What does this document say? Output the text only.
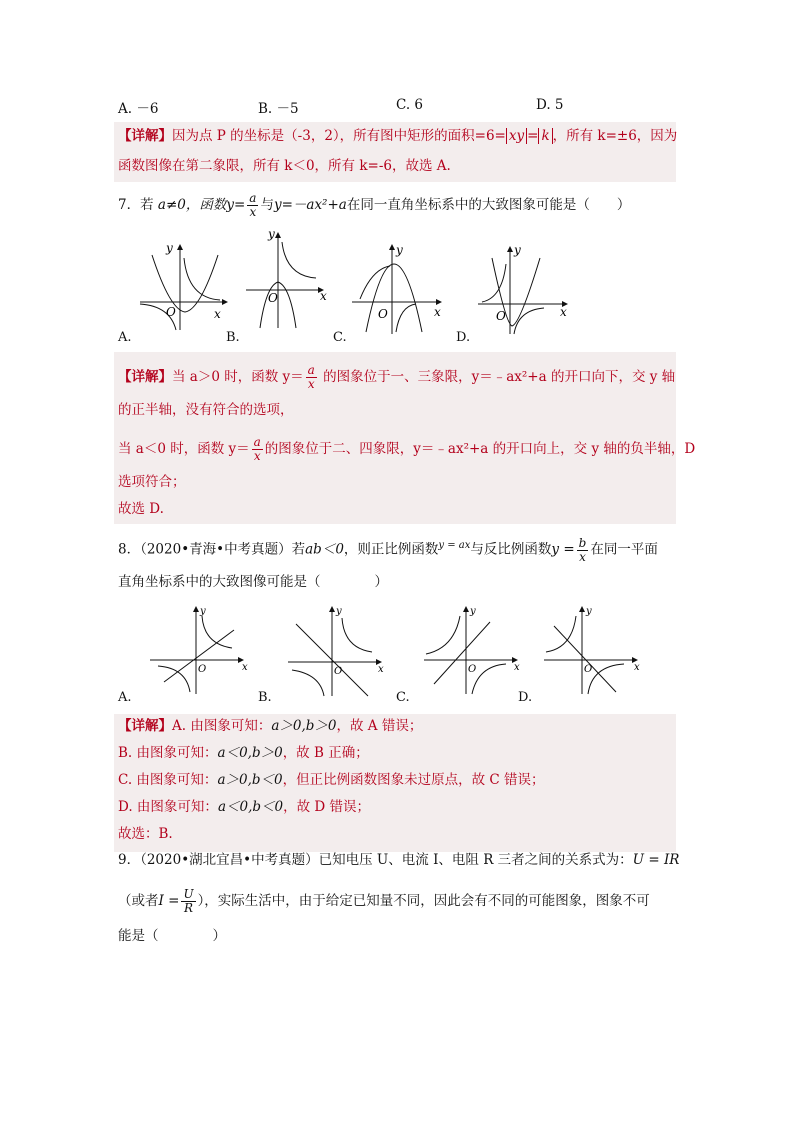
A. －6	B. －5	C. 6	D. 5
【详解】因为点 P 的坐标是（-3，2），所有图中矩形的面积=6= xy = k ，所有 k=±6，因为
函数图像在第二象限，所有 k＜0，所有 k=-6，故选 A.
7．若 a≠0，函数$y= \frac{a}{x}$ 与y=－ax²+a在同一直角坐标系中的大致图象可能是（　　）
y
x
O
y
x
O
y
x
O
y
x
O
A.	B.	C.	D.
【详解】当 a＞0 时，函数 $y= \frac{a}{x}$ 的图象位于一、三象限，y＝﹣ax²+a 的开口向下，交 y 轴
的正半轴，没有符合的选项，
当 a＜0 时，函数 $y= \frac{a}{x}$ 的图象位于二、四象限，y＝﹣ax²+a 的开口向上，交 y 轴的负半轴，D
选项符合；
故选 D.
8．（2020•青海•中考真题）若ab＜0，则正比例函数$^{y = ax}$与反比例函数$y = \frac{b}{x}$ 在同一平面
直角坐标系中的大致图像可能是（　　　　）
y
x
O
y
x
O
y
x
O
y
x
O
A.	B.	C.	D.
【详解】A. 由图象可知：a＞0,b＞0，故 A 错误；
B. 由图象可知：a＜0,b＞0，故 B 正确；
C. 由图象可知：a＞0,b＜0，但正比例函数图象未过原点，故 C 错误；
D. 由图象可知：a＜0,b＜0，故 D 错误；
故选：B.
9．（2020•湖北宜昌•中考真题）已知电压 U、电流 I、电阻 R 三者之间的关系式为：U = IR
（或者$I = \frac{U}{R}$ ），实际生活中，由于给定已知量不同，因此会有不同的可能图象，图象不可
能是（　　　　）
